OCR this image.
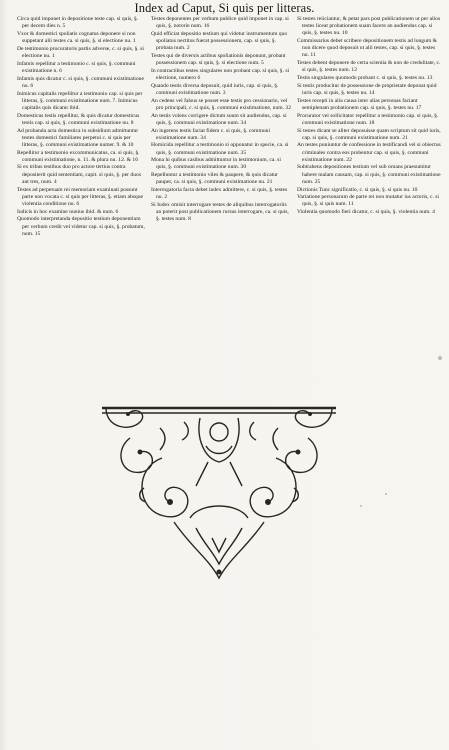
Index ad Caput, Si quis per litteras.
Circa quid imponet in depositione teste cap. si quis, §. per decem dies n. 5
Vxor & domestici spoliatis cognatus deponere si non suppetant alii testes ca. si quis, §. si electione nu. 1
De testimonio procuratoris partis adverse, c. si quis, §. si electione nu. 1
Infamis repellitur a testimonio c. si quis, §. communi existimatione n. 6
Infamis quis dicatur c. si quis, §. communi existimatione nu. 6
Inimicus capitalis repellitur a testimonio cap. si quis per litteras, §. communi existimatione num. 7. Inimicus capitalis quis dicatur ibid.
Domesticus testis repellitur, & quis dicatur domesticus testis cap. si quis, §. communi existimatione nu. 8
Ad probanda acta domestica in subsidium admittuntur testes domestici familiares perpetui c. si quis per litteras, §. communi existimatione numer. 9. & 10
Repellitur a testimonio excommunicatus, ca. si quis, §. communi existimatione, n. 11. & plura nu. 12. & 16
Si ex tribus testibus duo pro actore tertius contra depositerit quid sententiam, capit. si quis, §. per duos aut tres, num. 4
Testes ad perpetuam rei memoriam examinati possunt parte non vocata c. si quis per litteras, §. etiam absque violentia conditione nu. 6
Iudicis in hoc examine nunius ibid. & num. 6
Quomodo interpretanda depositio testium deponentium per verbum credit vel videtur cap. si quis, §. probatum, num. 15
Testes deponentes per verbum publice quid imponet in cap. si quis, §. notorie num. 16
Quid efficiat depositio testium qui videtur instrumentum quo spoliatus nectitus fuerat possessionem, cap. si quis, §. probata num. 2
Testes qui de diversis actibus spoliationis deponunt, probant possessionem cap. si quis, §. si electione num. 5
In contractibus testes singulares non probant cap. si quis, §. si electione, numero 6
Quando testis diversa deposuit, quid iuris, cap. si quis, §. communi existimatione num. 3
An cedens vel falsus se posset esse testis pro cessionario, vel pro principali, c. si quis, §. communi existimatione, num. 32
An testis volens corrigere dictum suum sit audiendus, cap. si quis, §. communi existimatione num. 34
An ingerens testis faciat fidem c. si quis, §. communi existimatione num. 34
Homicida repellitur a testimonio si opponatur in specie, ca. si quis, §. communi existimatione num. 35
Mona hi quibus casibus admittuntur in testimonium, ca. si quis, §. communi existimatione num. 30
Repelluntur a testimonio viles & paupere, & quis dicatur pauper, ca. si quis, §. communi existimatione nu. 21
Interrogatoria facta debet index admittere, c. si quis, §. testes nu. 2
Si Iudex omisit interrogare testes de aliquibus interrogatoriis an poterit post publicationem rursus interrogare, ca. si quis, §. testes num. 8
Si testes reiiciantur, & petat pars post publicationem ut per alios testes liceat probationem suam facere an audiendus cap. si quis, §. testes nu. 10
Commissarius debet scribere depositionem testis ad longum & non dicere quod deposuit ut alii testes, cap. si quis, §. testes nu. 11
Testes debent deponere de certa scientia & non de credulitate, c. si quis, §. testes num. 12
Testis singulares quomodo probant c. si quis, §. testes nu. 13
Si testis producitur de possessione de proprietate deponat quid iuris cap. si quis, §. testes nu. 14
Testes recepti in alia causa inter alias personas faciant semiplenam probationem cap. si quis, §. testes nu. 17
Procurator vel sollicitator repellitur a testimonio cap. si quis, §. communi existimatione num. 18
Si testes dicant se aliter deposuisse quam scriptum sit quid iuris, cap. si quis, §. communi existimatione num. 21
An testes puniuntur de confessione in testificandi vel si obiectus criminales contra eos probentur cap. si quis, §. communi existimatione num. 22
Subtrahens depositiones testium vel sub ornans praesumitur habere malam causam, cap. si quis, §. communi existimatione num. 25
Dictionis Tunc significatio, c. si quis, §. si quis nu. 10
Variatione personarum de parte rei non mutatur ius actoris, c. si quis, §. si quis num. 11
Violentia quomodo fieri dicatur, c. si quis, §. violentia num. 4
